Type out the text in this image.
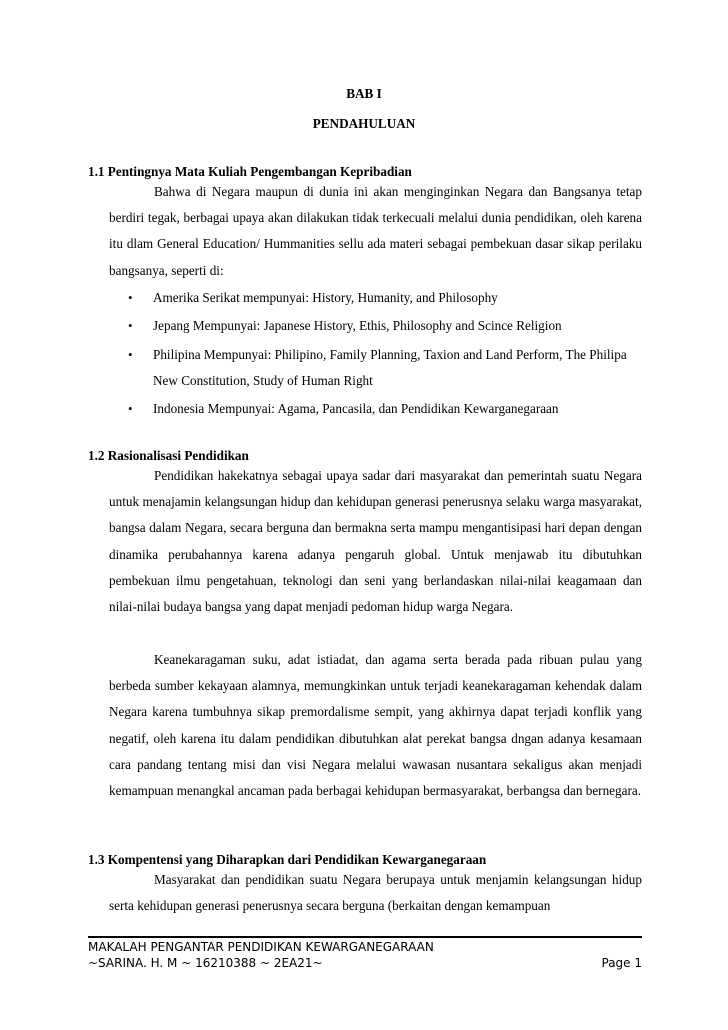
BAB I
PENDAHULUAN
1.1 Pentingnya Mata Kuliah Pengembangan Kepribadian

Bahwa di Negara maupun di dunia ini akan menginginkan Negara dan Bangsanya tetap berdiri tegak, berbagai upaya akan dilakukan tidak terkecuali melalui dunia pendidikan, oleh karena itu dlam General Education/ Hummanities sellu ada materi sebagai pembekuan dasar sikap perilaku bangsanya, seperti di:

• Amerika Serikat mempunyai: History, Humanity, and Philosophy
• Jepang Mempunyai: Japanese History, Ethis, Philosophy and Scince Religion
• Philipina Mempunyai: Philipino, Family Planning, Taxion and Land Perform, The Philipa New Constitution, Study of Human Right
• Indonesia Mempunyai: Agama, Pancasila, dan Pendidikan Kewarganegaraan
1.2 Rasionalisasi Pendidikan

Pendidikan hakekatnya sebagai upaya sadar dari masyarakat dan pemerintah suatu Negara untuk menajamin kelangsungan hidup dan kehidupan generasi penerusnya selaku warga masyarakat, bangsa dalam Negara, secara berguna dan bermakna serta mampu mengantisipasi hari depan dengan dinamika perubahannya karena adanya pengaruh global. Untuk menjawab itu dibutuhkan pembekuan ilmu pengetahuan, teknologi dan seni yang berlandaskan nilai-nilai keagamaan dan nilai-nilai budaya bangsa yang dapat menjadi pedoman hidup warga Negara.

Keanekaragaman suku, adat istiadat, dan agama serta berada pada ribuan pulau yang berbeda sumber kekayaan alamnya, memungkinkan untuk terjadi keanekaragaman kehendak dalam Negara karena tumbuhnya sikap premordalisme sempit, yang akhirnya dapat terjadi konflik yang negatif, oleh karena itu dalam pendidikan dibutuhkan alat perekat bangsa dngan adanya kesamaan cara pandang tentang misi dan visi Negara melalui wawasan nusantara sekaligus akan menjadi kemampuan menangkal ancaman pada berbagai kehidupan bermasyarakat, berbangsa dan bernegara.

1.3 Kompentensi yang Diharapkan dari Pendidikan Kewarganegaraan

Masyarakat dan pendidikan suatu Negara berupaya untuk menjamin kelangsungan hidup serta kehidupan generasi penerusnya secara berguna (berkaitan dengan kemampuan

MAKALAH PENGANTAR PENDIDIKAN KEWARGANEGARAAN
~SARINA. H. M ~ 16210388 ~ 2EA21~	Page 1
